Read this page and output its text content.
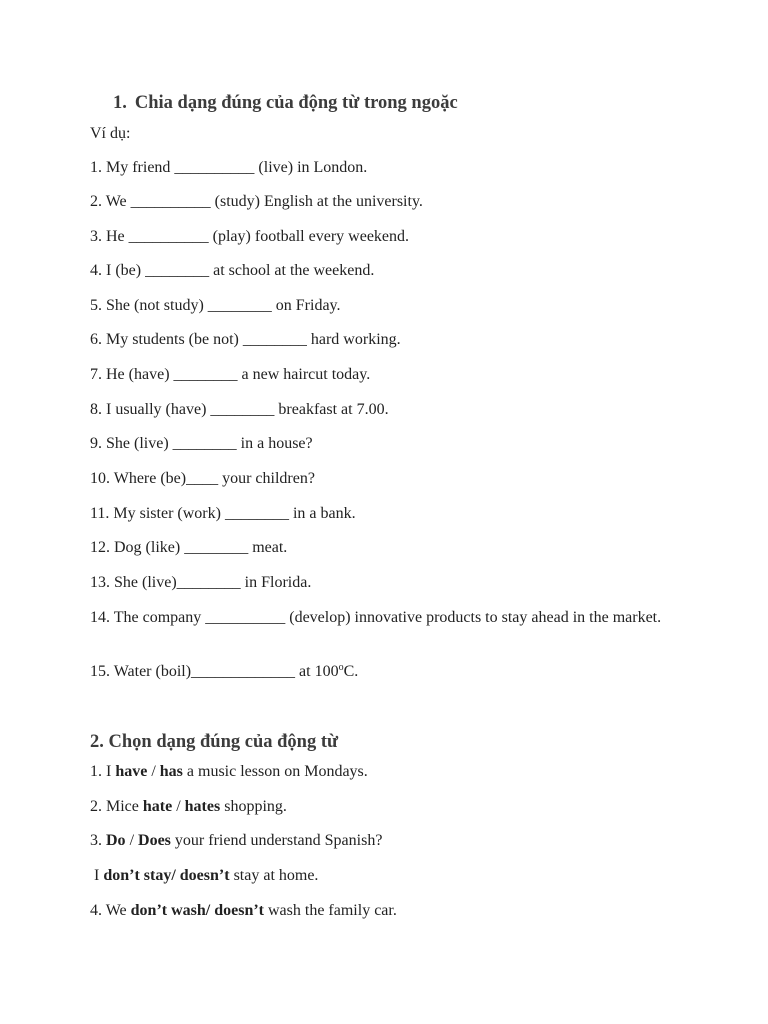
1. Chia dạng đúng của động từ trong ngoặc
Ví dụ:
1. My friend __________ (live) in London.
2. We __________ (study) English at the university.
3. He __________ (play) football every weekend.
4. I (be) ________ at school at the weekend.
5. She (not study) ________ on Friday.
6. My students (be not) ________ hard working.
7. He (have) ________ a new haircut today.
8. I usually (have) ________ breakfast at 7.00.
9. She (live) ________ in a house?
10. Where (be)____ your children?
11. My sister (work) ________ in a bank.
12. Dog (like) ________ meat.
13. She (live)________ in Florida.
14. The company __________ (develop) innovative products to stay ahead in the market.
15. Water (boil)_____________ at 100$^o$C.
2. Chọn dạng đúng của động từ
1. I have / has a music lesson on Mondays.
2. Mice hate / hates shopping.
3. Do / Does your friend understand Spanish?
I don’t stay/ doesn’t stay at home.
4. We don’t wash/ doesn’t wash the family car.
